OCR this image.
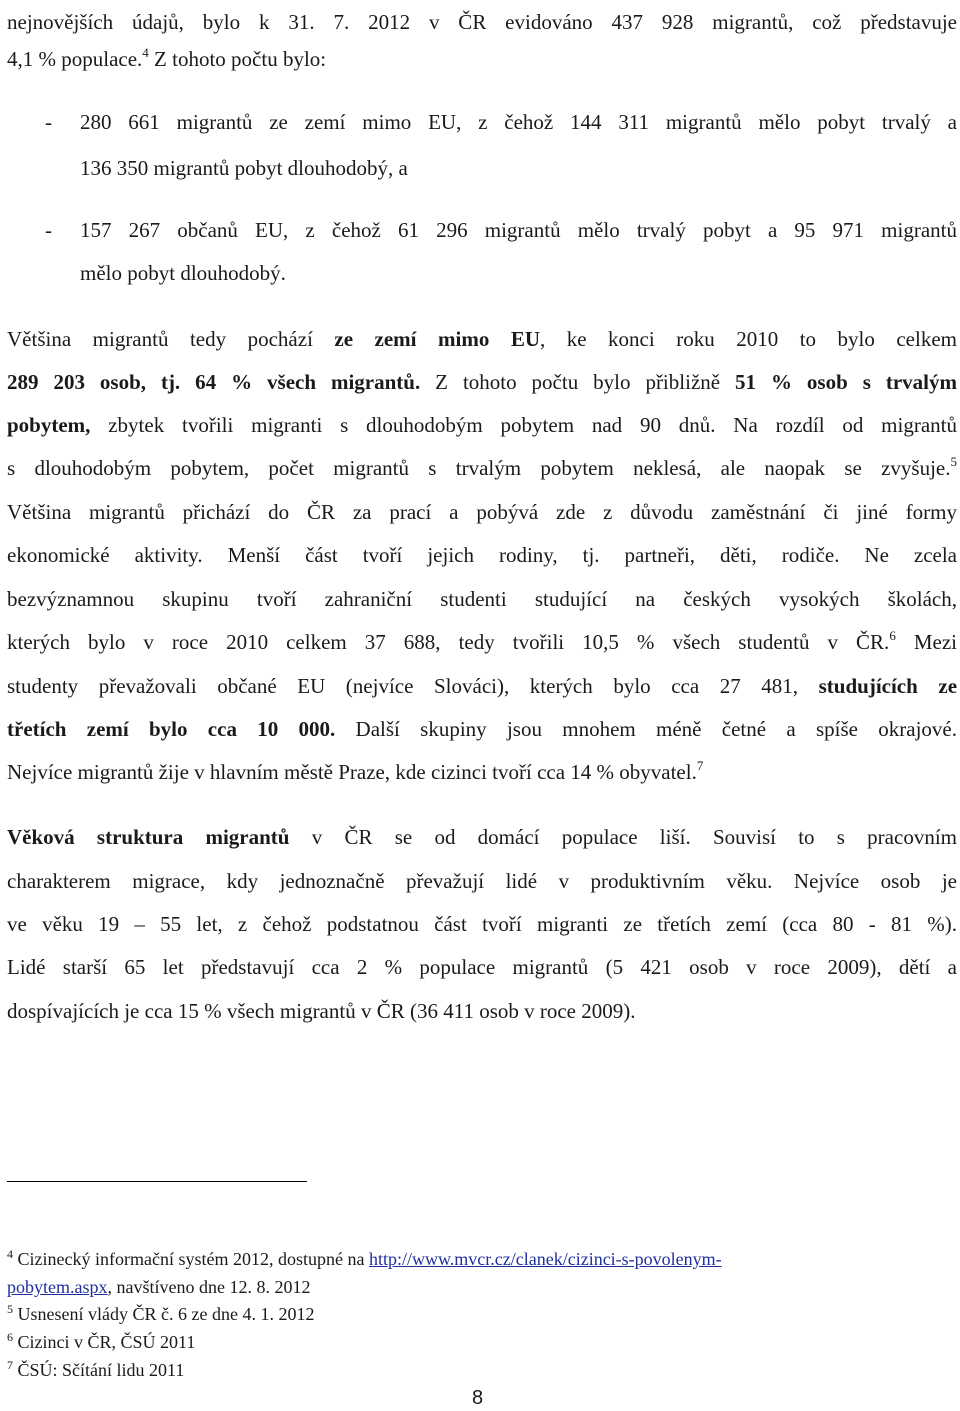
nejnovějších údajů, bylo k 31. 7. 2012 v ČR evidováno 437 928 migrantů, což představuje
4,1 % populace.$^4$ Z tohoto počtu bylo:
- 280 661 migrantů ze zemí mimo EU, z čehož 144 311 migrantů mělo pobyt trvalý a
136 350 migrantů pobyt dlouhodobý, a
- 157 267 občanů EU, z čehož 61 296 migrantů mělo trvalý pobyt a 95 971 migrantů
mělo pobyt dlouhodobý.
Většina migrantů tedy pochází ze zemí mimo EU, ke konci roku 2010 to bylo celkem
289 203 osob, tj. 64 % všech migrantů. Z tohoto počtu bylo přibližně 51 % osob s trvalým
pobytem, zbytek tvořili migranti s dlouhodobým pobytem nad 90 dnů. Na rozdíl od migrantů
s dlouhodobým pobytem, počet migrantů s trvalým pobytem neklesá, ale naopak se zvyšuje.$^5$
Většina migrantů přichází do ČR za prací a pobývá zde z důvodu zaměstnání či jiné formy
ekonomické aktivity. Menší část tvoří jejich rodiny, tj. partneři, děti, rodiče. Ne zcela
bezvýznamnou skupinu tvoří zahraniční studenti studující na českých vysokých školách,
kterých bylo v roce 2010 celkem 37 688, tedy tvořili 10,5 % všech studentů v ČR.$^6$ Mezi
studenty převažovali občané EU (nejvíce Slováci), kterých bylo cca 27 481, studujících ze
třetích zemí bylo cca 10 000. Další skupiny jsou mnohem méně četné a spíše okrajové.
Nejvíce migrantů žije v hlavním městě Praze, kde cizinci tvoří cca 14 % obyvatel.$^7$
Věková struktura migrantů v ČR se od domácí populace liší. Souvisí to s pracovním
charakterem migrace, kdy jednoznačně převažují lidé v produktivním věku. Nejvíce osob je
ve věku 19 – 55 let, z čehož podstatnou část tvoří migranti ze třetích zemí (cca 80 - 81 %).
Lidé starší 65 let představují cca 2 % populace migrantů (5 421 osob v roce 2009), dětí a
dospívajících je cca 15 % všech migrantů v ČR (36 411 osob v roce 2009).
$^4$ Cizinecký informační systém 2012, dostupné na http://www.mvcr.cz/clanek/cizinci-s-povolenym-
pobytem.aspx, navštíveno dne 12. 8. 2012
$^5$ Usnesení vlády ČR č. 6 ze dne 4. 1. 2012
$^6$ Cizinci v ČR, ČSÚ 2011
$^7$ ČSÚ: Sčítání lidu 2011
8
